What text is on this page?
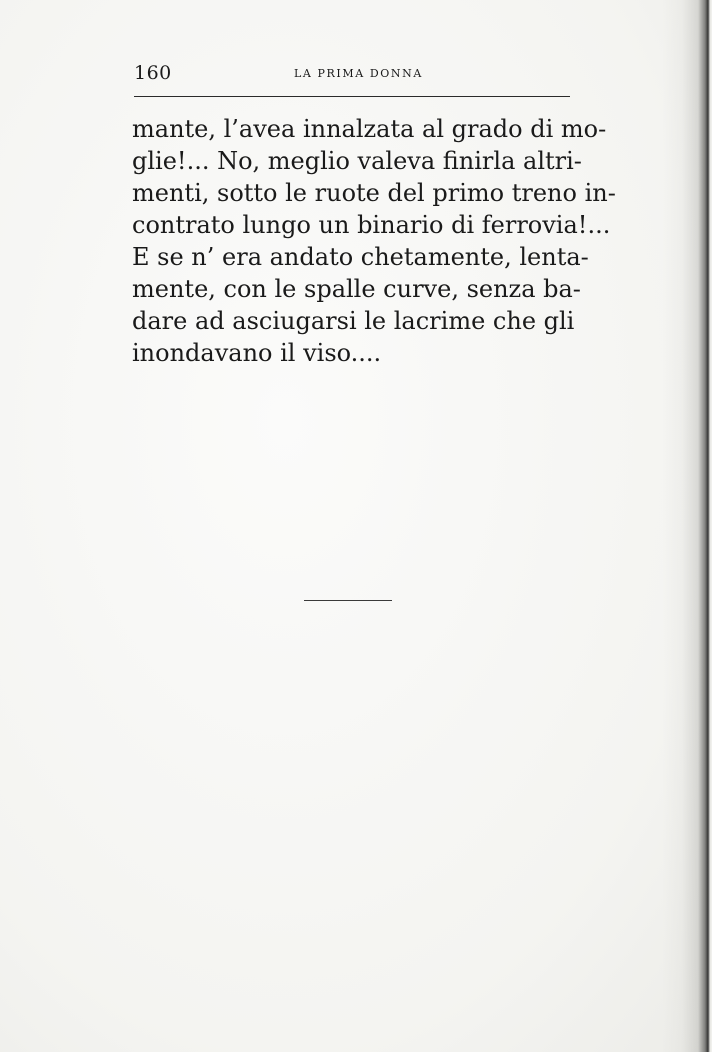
160	LA PRIMA DONNA
mante, l’avea innalzata al grado di mo-
glie!... No, meglio valeva finirla altri-
menti, sotto le ruote del primo treno in-
contrato lungo un binario di ferrovia!...
E se n’ era andato chetamente, lenta-
mente, con le spalle curve, senza ba-
dare ad asciugarsi le lacrime che gli
inondavano il viso....
